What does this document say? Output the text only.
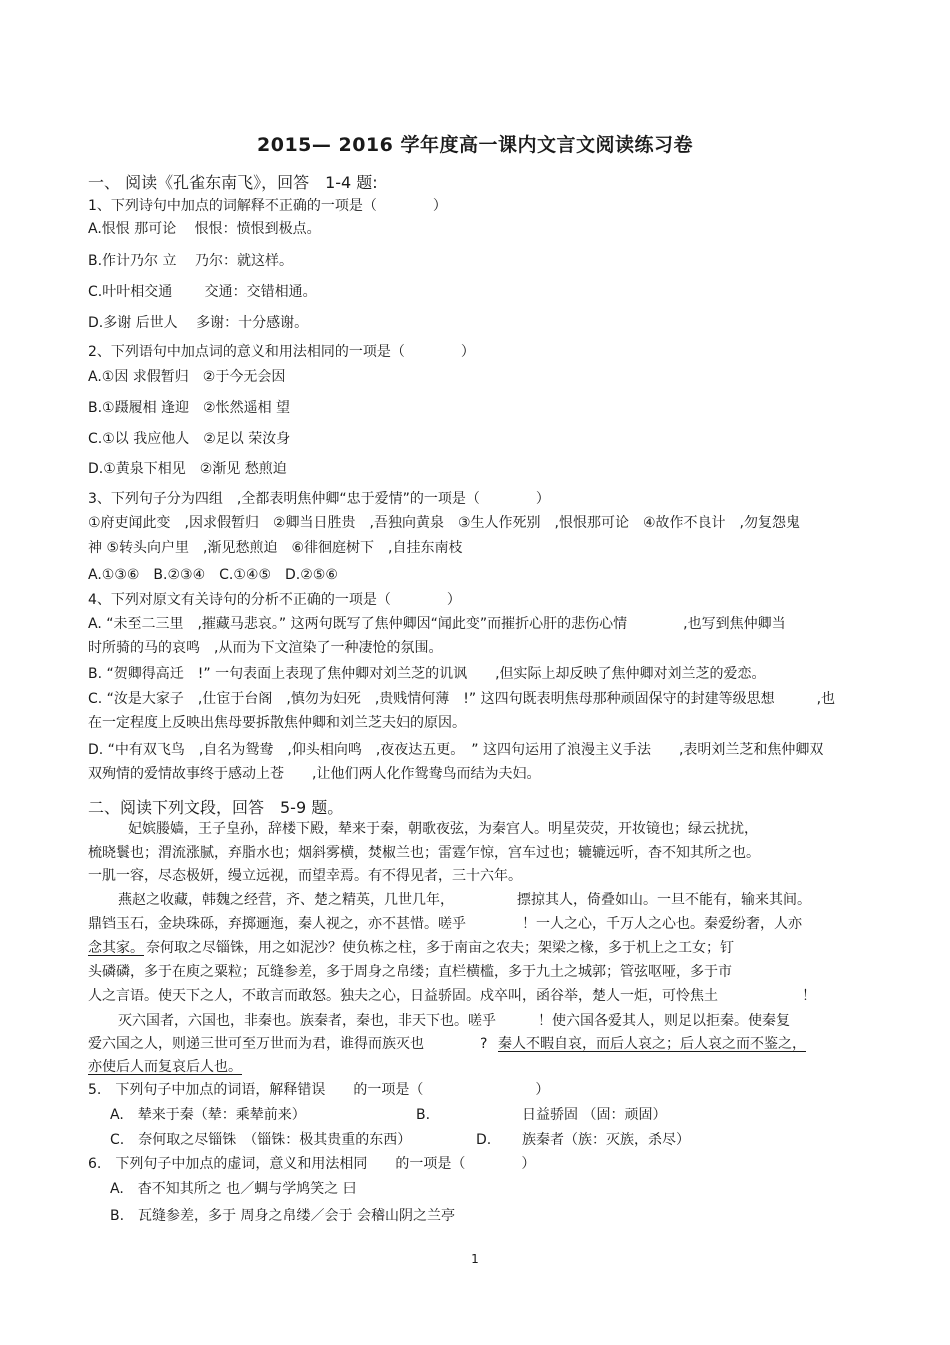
2015— 2016 学年度高一课内文言文阅读练习卷
一、 阅读《孔雀东南飞》，回答　1-4 题:
1、下列诗句中加点的词解释不正确的一项是（　　　　）
A.恨恨 那可论　 恨恨：愤恨到极点。
B.作计乃尔 立　 乃尔：就这样。
C.叶叶相交通　　 交通：交错相通。
D.多谢 后世人　 多谢：十分感谢。
2、下列语句中加点词的意义和用法相同的一项是（　　　　）
A.①因 求假暂归　②于今无会因
B.①蹑履相 逢迎　②怅然遥相 望
C.①以 我应他人　②足以 荣汝身
D.①黄泉下相见　②渐见 愁煎迫
3、下列句子分为四组　,全都表明焦仲卿“忠于爱情”的一项是（　　　　）
①府吏闻此变　,因求假暂归　②卿当日胜贵　,吾独向黄泉　③生人作死别　,恨恨那可论　④故作不良计　,勿复怨鬼
神 ⑤转头向户里　,渐见愁煎迫　⑥徘徊庭树下　,自挂东南枝
A.①③⑥　B.②③④　C.①④⑤　D.②⑤⑥
4、下列对原文有关诗句的分析不正确的一项是（　　　　）
A. “未至二三里　,摧藏马悲哀。” 这两句既写了焦仲卿因“闻此变”而摧折心肝的悲伤心情　　　　,也写到焦仲卿当
时所骑的马的哀鸣　,从而为下文渲染了一种凄怆的氛围。
B. “贺卿得高迁　!” 一句表面上表现了焦仲卿对刘兰芝的讥讽　　,但实际上却反映了焦仲卿对刘兰芝的爱恋。
C. “汝是大家子　,仕宦于台阁　,慎勿为妇死　,贵贱情何薄　!” 这四句既表明焦母那种顽固保守的封建等级思想　　　,也
在一定程度上反映出焦母要拆散焦仲卿和刘兰芝夫妇的原因。
D. “中有双飞鸟　,自名为鸳鸯　,仰头相向鸣　,夜夜达五更。　” 这四句运用了浪漫主义手法　　,表明刘兰芝和焦仲卿双
双殉情的爱情故事终于感动上苍　　,让他们两人化作鸳鸯鸟而结为夫妇。
二、阅读下列文段，回答　5-9 题。
妃嫔媵嫱，王子皇孙，辞楼下殿，辇来于秦，朝歌夜弦，为秦宫人。明星荧荧，开妆镜也；绿云扰扰，
梳晓鬟也；渭流涨腻，弃脂水也；烟斜雾横，焚椒兰也；雷霆乍惊，宫车过也；辘辘远听，杳不知其所之也。
一肌一容，尽态极妍，缦立远视，而望幸焉。有不得见者，三十六年。
燕赵之收藏，韩魏之经营，齐、楚之精英，几世几年，　　　　　摽掠其人，倚叠如山。一旦不能有，输来其间。
鼎铛玉石，金块珠砾，弃掷逦迤，秦人视之，亦不甚惜。嗟乎　　　　！一人之心，千万人之心也。秦爱纷奢，人亦
念其家。 奈何取之尽锱铢，用之如泥沙？使负栋之柱，多于南亩之农夫；架梁之椽，多于机上之工女；钉
头磷磷，多于在庾之粟粒；瓦缝参差，多于周身之帛缕；直栏横槛，多于九土之城郭；管弦呕哑，多于市
人之言语。使天下之人，不敢言而敢怒。独夫之心，日益骄固。戍卒叫，函谷举，楚人一炬，可怜焦土　　　　　　！
灭六国者，六国也，非秦也。族秦者，秦也，非天下也。嗟乎　　　！使六国各爱其人，则足以拒秦。使秦复
爱六国之人，则递三世可至万世而为君，谁得而族灭也　　　　? 秦人不暇自哀，而后人哀之；后人哀之而不鉴之，
亦使后人而复哀后人也。
5.　下列句子中加点的词语，解释错误　　的一项是（　　　　　　　　）
A.　辇来于秦（辇：乘辇前来）	B.	日益骄固 （固：顽固）
C.　奈何取之尽锱铢　（锱铢：极其贵重的东西）	D. 族秦者（族：灭族，杀尽）
6.　下列句子中加点的虚词，意义和用法相同　　的一项是（　　　　）
A.　杳不知其所之 也／蜩与学鸠笑之 曰
B.　瓦缝参差，多于 周身之帛缕／会于 会稽山阴之兰亭
1
